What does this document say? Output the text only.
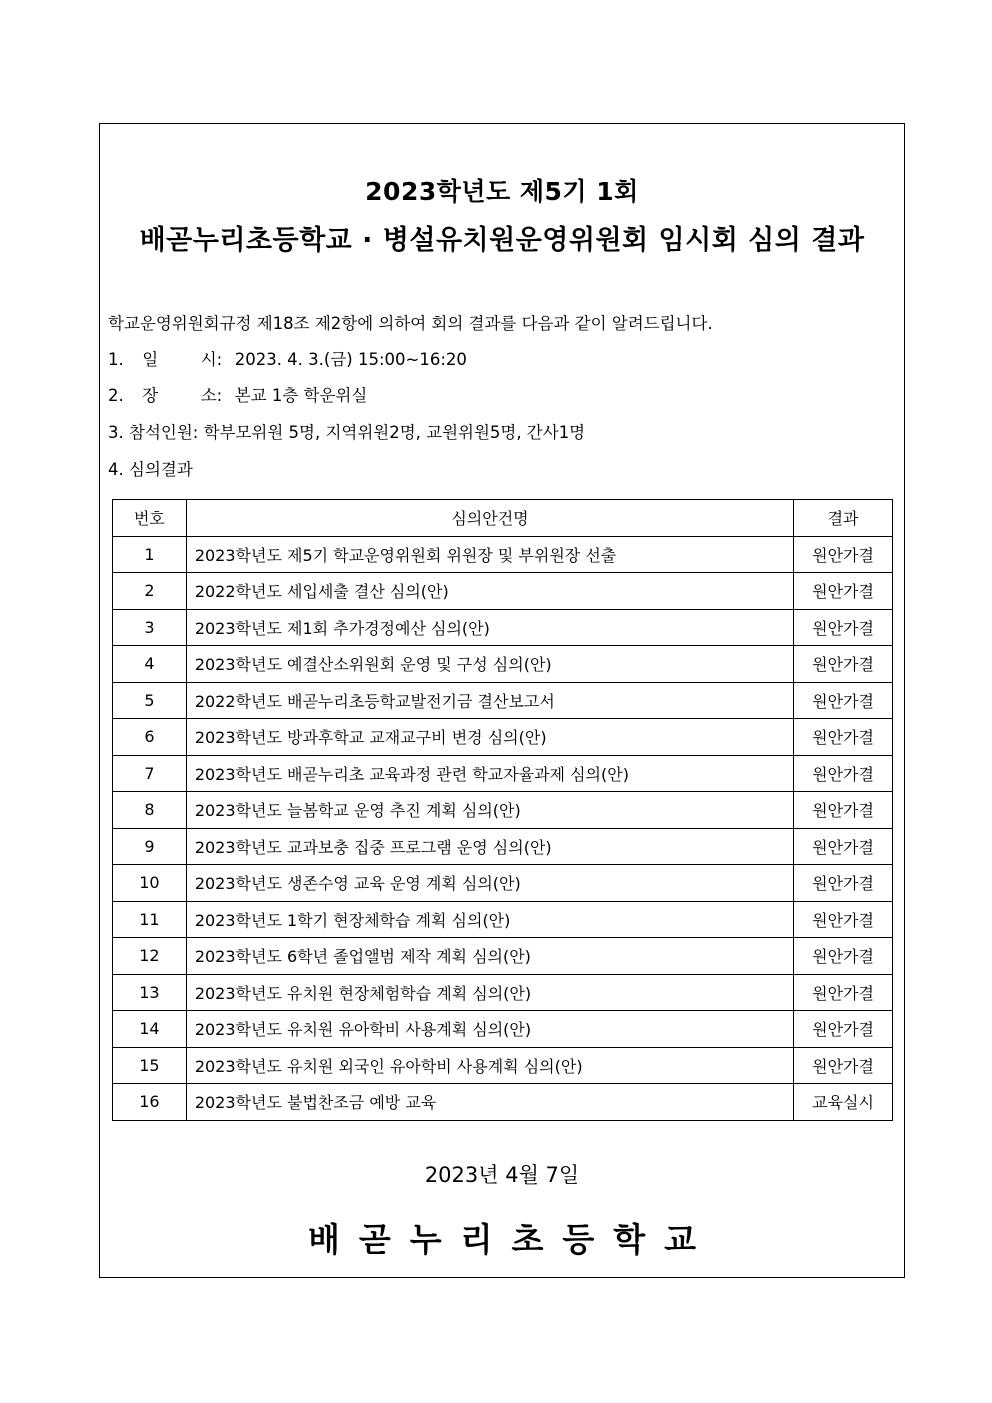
2023학년도 제5기 1회
배곧누리초등학교 · 병설유치원운영위원회 임시회 심의 결과
학교운영위원회규정 제18조 제2항에 의하여 회의 결과를 다음과 같이 알려드립니다.
1. 일	시: 2023. 4. 3.(금) 15:00~16:20
2. 장	소: 본교 1층 학운위실
3. 참석인원: 학부모위원 5명, 지역위원2명, 교원위원5명, 간사1명
4. 심의결과
번호	심의안건명	결과
1	2023학년도 제5기 학교운영위원회 위원장 및 부위원장 선출	원안가결
2	2022학년도 세입세출 결산 심의(안)	원안가결
3	2023학년도 제1회 추가경정예산 심의(안)	원안가결
4	2023학년도 예결산소위원회 운영 및 구성 심의(안)	원안가결
5	2022학년도 배곧누리초등학교발전기금 결산보고서	원안가결
6	2023학년도 방과후학교 교재교구비 변경 심의(안)	원안가결
7	2023학년도 배곧누리초 교육과정 관련 학교자율과제 심의(안)	원안가결
8	2023학년도 늘봄학교 운영 추진 계획 심의(안)	원안가결
9	2023학년도 교과보충 집중 프로그램 운영 심의(안)	원안가결
10	2023학년도 생존수영 교육 운영 계획 심의(안)	원안가결
11	2023학년도 1학기 현장체학습 계획 심의(안)	원안가결
12	2023학년도 6학년 졸업앨범 제작 계획 심의(안)	원안가결
13	2023학년도 유치원 현장체험학습 계획 심의(안)	원안가결
14	2023학년도 유치원 유아학비 사용계획 심의(안)	원안가결
15	2023학년도 유치원 외국인 유아학비 사용계획 심의(안)	원안가결
16	2023학년도 불법찬조금 예방 교육	교육실시
2023년 4월 7일
배곧누리초등학교
